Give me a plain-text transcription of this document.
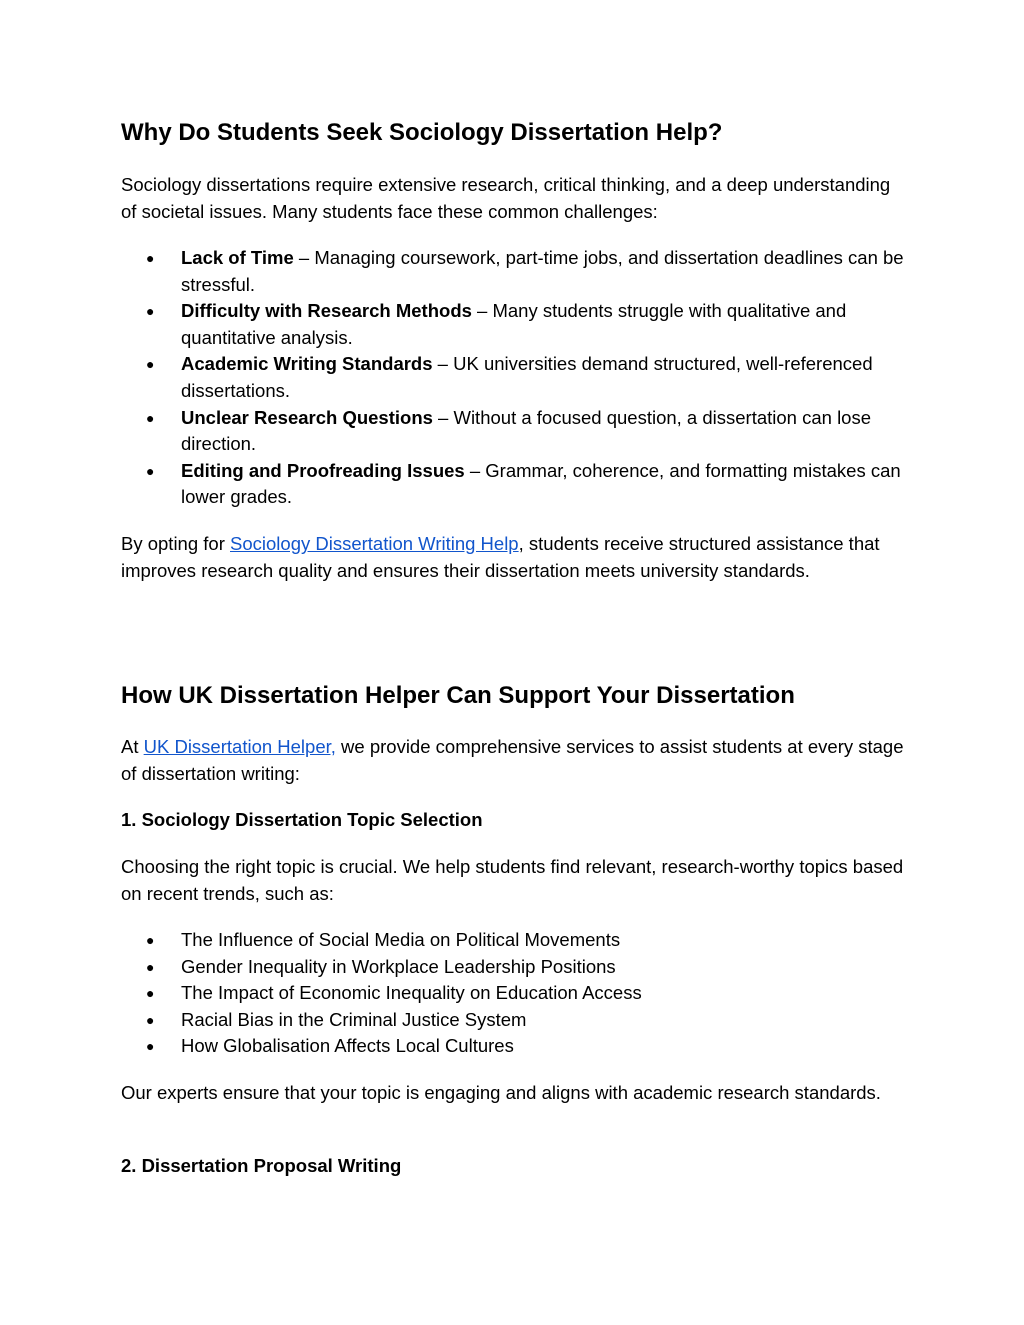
Why Do Students Seek Sociology Dissertation Help?

Sociology dissertations require extensive research, critical thinking, and a deep understanding of societal issues. Many students face these common challenges:

● Lack of Time – Managing coursework, part-time jobs, and dissertation deadlines can be stressful.
● Difficulty with Research Methods – Many students struggle with qualitative and quantitative analysis.
● Academic Writing Standards – UK universities demand structured, well-referenced dissertations.
● Unclear Research Questions – Without a focused question, a dissertation can lose direction.
● Editing and Proofreading Issues – Grammar, coherence, and formatting mistakes can lower grades.

By opting for Sociology Dissertation Writing Help, students receive structured assistance that improves research quality and ensures their dissertation meets university standards.

How UK Dissertation Helper Can Support Your Dissertation

At UK Dissertation Helper, we provide comprehensive services to assist students at every stage of dissertation writing:

1. Sociology Dissertation Topic Selection

Choosing the right topic is crucial. We help students find relevant, research-worthy topics based on recent trends, such as:

● The Influence of Social Media on Political Movements
● Gender Inequality in Workplace Leadership Positions
● The Impact of Economic Inequality on Education Access
● Racial Bias in the Criminal Justice System
● How Globalisation Affects Local Cultures

Our experts ensure that your topic is engaging and aligns with academic research standards.

2. Dissertation Proposal Writing
